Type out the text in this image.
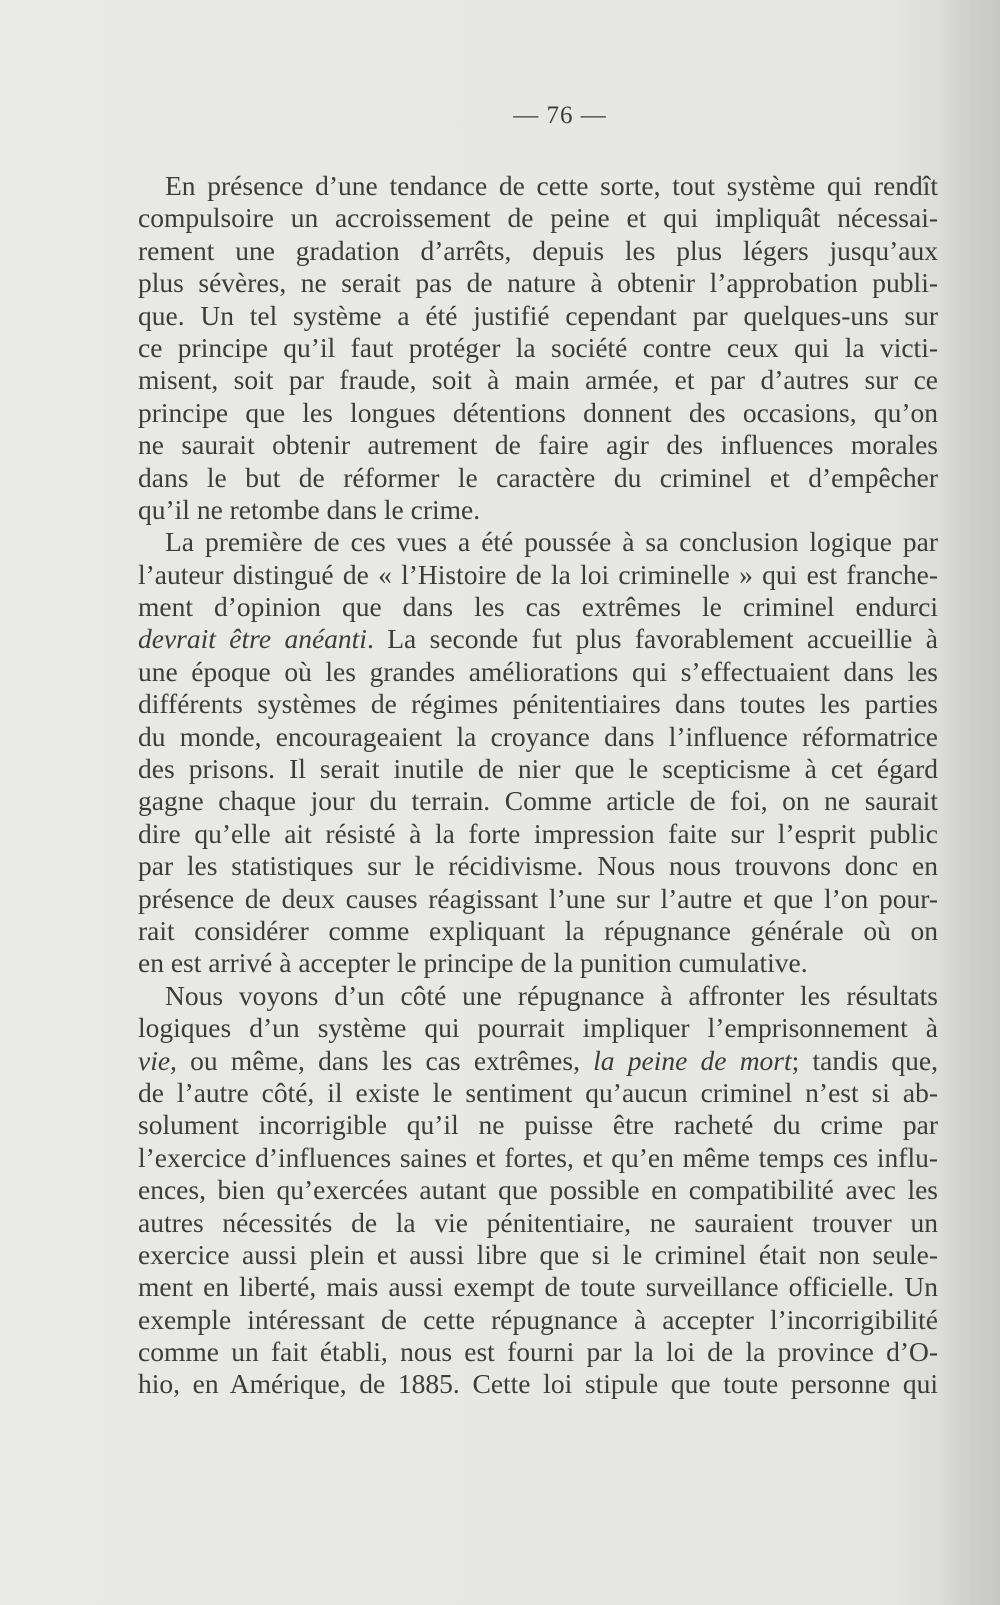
— 76 —
En présence d’une tendance de cette sorte, tout système qui rendît
compulsoire un accroissement de peine et qui impliquât nécessai-
rement une gradation d’arrêts, depuis les plus légers jusqu’aux
plus sévères, ne serait pas de nature à obtenir l’approbation publi-
que. Un tel système a été justifié cependant par quelques-uns sur
ce principe qu’il faut protéger la société contre ceux qui la victi-
misent, soit par fraude, soit à main armée, et par d’autres sur ce
principe que les longues détentions donnent des occasions, qu’on
ne saurait obtenir autrement de faire agir des influences morales
dans le but de réformer le caractère du criminel et d’empêcher
qu’il ne retombe dans le crime.
La première de ces vues a été poussée à sa conclusion logique par
l’auteur distingué de « l’Histoire de la loi criminelle » qui est franche-
ment d’opinion que dans les cas extrêmes le criminel endurci
devrait être anéanti. La seconde fut plus favorablement accueillie à
une époque où les grandes améliorations qui s’effectuaient dans les
différents systèmes de régimes pénitentiaires dans toutes les parties
du monde, encourageaient la croyance dans l’influence réformatrice
des prisons. Il serait inutile de nier que le scepticisme à cet égard
gagne chaque jour du terrain. Comme article de foi, on ne saurait
dire qu’elle ait résisté à la forte impression faite sur l’esprit public
par les statistiques sur le récidivisme. Nous nous trouvons donc en
présence de deux causes réagissant l’une sur l’autre et que l’on pour-
rait considérer comme expliquant la répugnance générale où on
en est arrivé à accepter le principe de la punition cumulative.
Nous voyons d’un côté une répugnance à affronter les résultats
logiques d’un système qui pourrait impliquer l’emprisonnement à
vie, ou même, dans les cas extrêmes, la peine de mort; tandis que,
de l’autre côté, il existe le sentiment qu’aucun criminel n’est si ab-
solument incorrigible qu’il ne puisse être racheté du crime par
l’exercice d’influences saines et fortes, et qu’en même temps ces influ-
ences, bien qu’exercées autant que possible en compatibilité avec les
autres nécessités de la vie pénitentiaire, ne sauraient trouver un
exercice aussi plein et aussi libre que si le criminel était non seule-
ment en liberté, mais aussi exempt de toute surveillance officielle. Un
exemple intéressant de cette répugnance à accepter l’incorrigibilité
comme un fait établi, nous est fourni par la loi de la province d’O-
hio, en Amérique, de 1885. Cette loi stipule que toute personne qui
